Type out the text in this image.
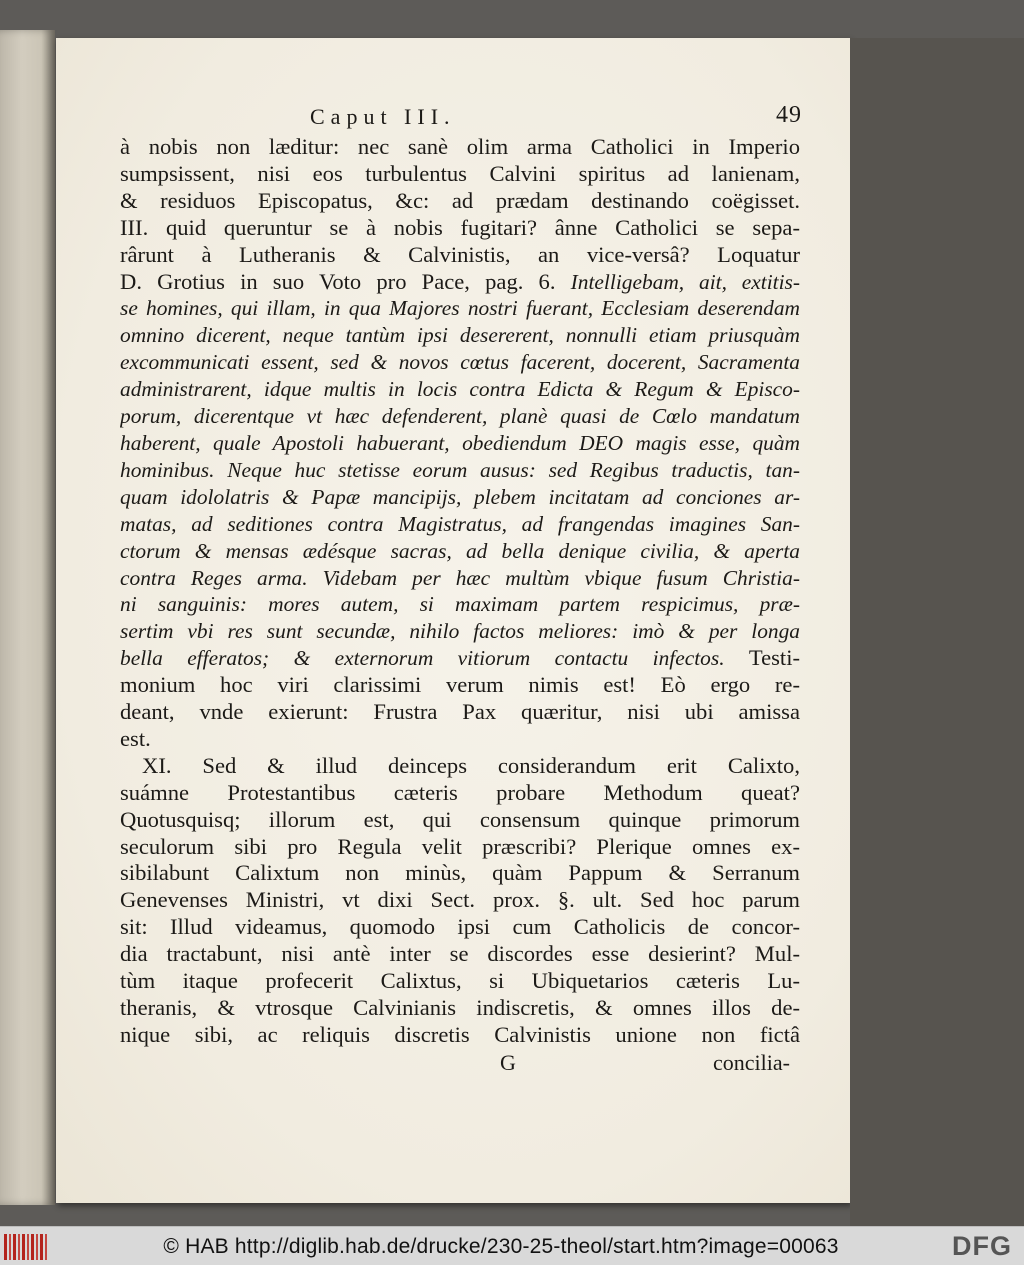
Caput III.	49
à nobis non læditur: nec sanè olim arma Catholici in Imperio
sumpsissent, nisi eos turbulentus Calvini spiritus ad lanienam,
& residuos Episcopatus, &c: ad prædam destinando coëgisset.
III. quid queruntur se à nobis fugitari? ânne Catholici se sepa-
rârunt à Lutheranis & Calvinistis, an vice-versâ? Loquatur
D. Grotius in suo Voto pro Pace, pag. 6. Intelligebam, ait, extitis-
se homines, qui illam, in qua Majores nostri fuerant, Ecclesiam deserendam
omnino dicerent, neque tantùm ipsi desererent, nonnulli etiam priusquàm
excommunicati essent, sed & novos cœtus facerent, docerent, Sacramenta
administrarent, idque multis in locis contra Edicta & Regum & Episco-
porum, dicerentque vt hæc defenderent, planè quasi de Cœlo mandatum
haberent, quale Apostoli habuerant, obediendum DEO magis esse, quàm
hominibus. Neque huc stetisse eorum ausus: sed Regibus traductis, tan-
quam idololatris & Papæ mancipijs, plebem incitatam ad conciones ar-
matas, ad seditiones contra Magistratus, ad frangendas imagines San-
ctorum & mensas ædésque sacras, ad bella denique civilia, & aperta
contra Reges arma. Videbam per hæc multùm vbique fusum Christia-
ni sanguinis: mores autem, si maximam partem respicimus, præ-
sertim vbi res sunt secundæ, nihilo factos meliores: imò & per longa
bella efferatos; & externorum vitiorum contactu infectos. Testi-
monium hoc viri clarissimi verum nimis est! Eò ergo re-
deant, vnde exierunt: Frustra Pax quæritur, nisi ubi amissa
est.
XI. Sed & illud deinceps considerandum erit Calixto,
suámne Protestantibus cæteris probare Methodum queat?
Quotusquisq; illorum est, qui consensum quinque primorum
seculorum sibi pro Regula velit præscribi? Plerique omnes ex-
sibilabunt Calixtum non minùs, quàm Pappum & Serranum
Genevenses Ministri, vt dixi Sect. prox. §. ult. Sed hoc parum
sit: Illud videamus, quomodo ipsi cum Catholicis de concor-
dia tractabunt, nisi antè inter se discordes esse desierint? Mul-
tùm itaque profecerit Calixtus, si Ubiquetarios cæteris Lu-
theranis, & vtrosque Calvinianis indiscretis, & omnes illos de-
nique sibi, ac reliquis discretis Calvinistis unione non fictâ
G	concilia-
© HAB http://diglib.hab.de/drucke/230-25-theol/start.htm?image=00063	DFG
